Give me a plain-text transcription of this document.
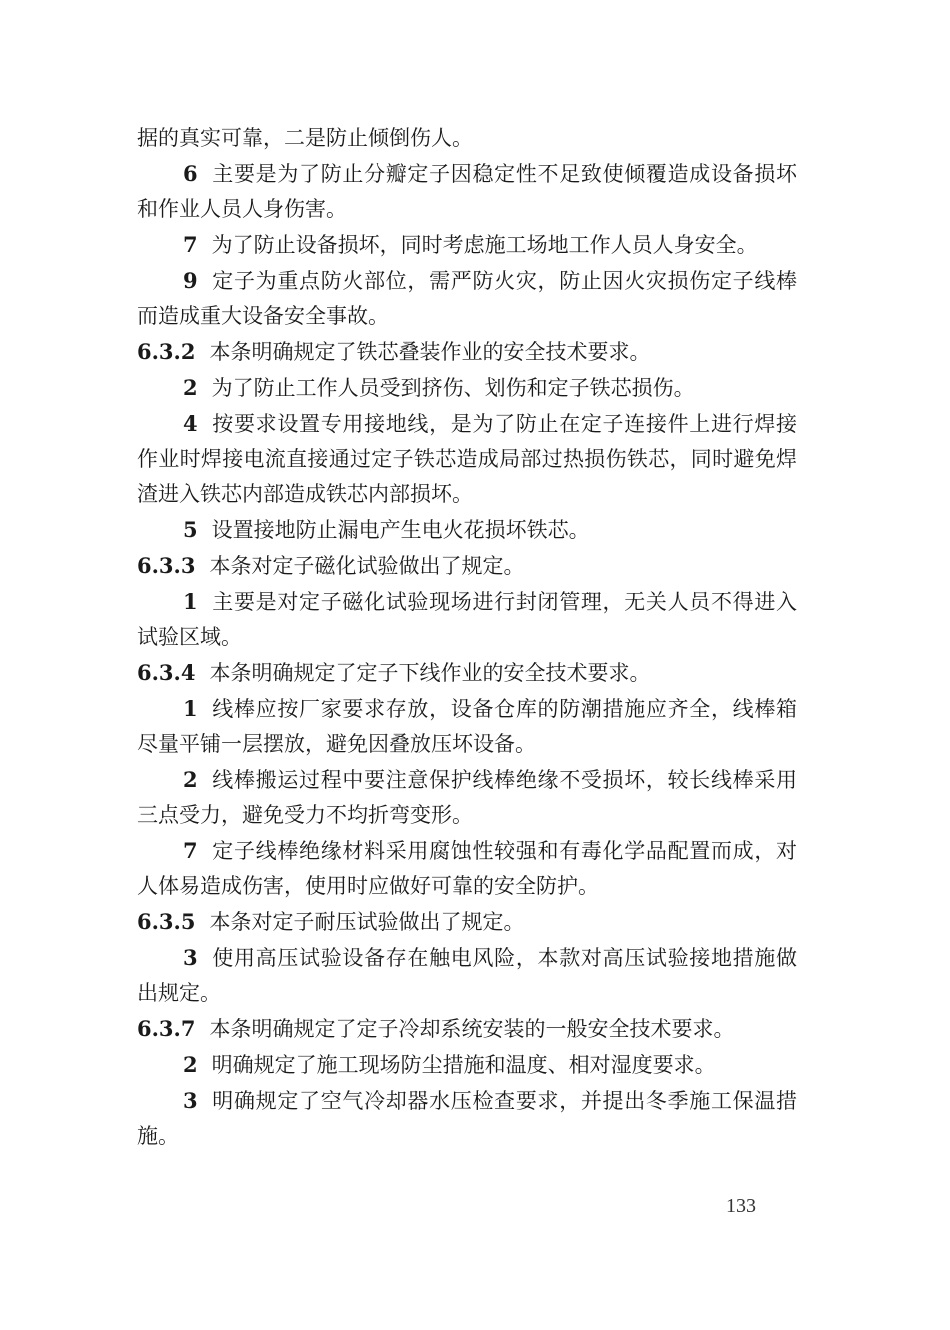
据的真实可靠，二是防止倾倒伤人。

6 主要是为了防止分瓣定子因稳定性不足致使倾覆造成设备损坏和作业人员人身伤害。

7 为了防止设备损坏，同时考虑施工场地工作人员人身安全。

9 定子为重点防火部位，需严防火灾，防止因火灾损伤定子线棒而造成重大设备安全事故。

6.3.2 本条明确规定了铁芯叠装作业的安全技术要求。

2 为了防止工作人员受到挤伤、划伤和定子铁芯损伤。

4 按要求设置专用接地线，是为了防止在定子连接件上进行焊接作业时焊接电流直接通过定子铁芯造成局部过热损伤铁芯，同时避免焊渣进入铁芯内部造成铁芯内部损坏。

5 设置接地防止漏电产生电火花损坏铁芯。

6.3.3 本条对定子磁化试验做出了规定。

1 主要是对定子磁化试验现场进行封闭管理，无关人员不得进入试验区域。

6.3.4 本条明确规定了定子下线作业的安全技术要求。

1 线棒应按厂家要求存放，设备仓库的防潮措施应齐全，线棒箱尽量平铺一层摆放，避免因叠放压坏设备。

2 线棒搬运过程中要注意保护线棒绝缘不受损坏，较长线棒采用三点受力，避免受力不均折弯变形。

7 定子线棒绝缘材料采用腐蚀性较强和有毒化学品配置而成，对人体易造成伤害，使用时应做好可靠的安全防护。

6.3.5 本条对定子耐压试验做出了规定。

3 使用高压试验设备存在触电风险，本款对高压试验接地措施做出规定。

6.3.7 本条明确规定了定子冷却系统安装的一般安全技术要求。

2 明确规定了施工现场防尘措施和温度、相对湿度要求。

3 明确规定了空气冷却器水压检查要求，并提出冬季施工保温措施。

133
